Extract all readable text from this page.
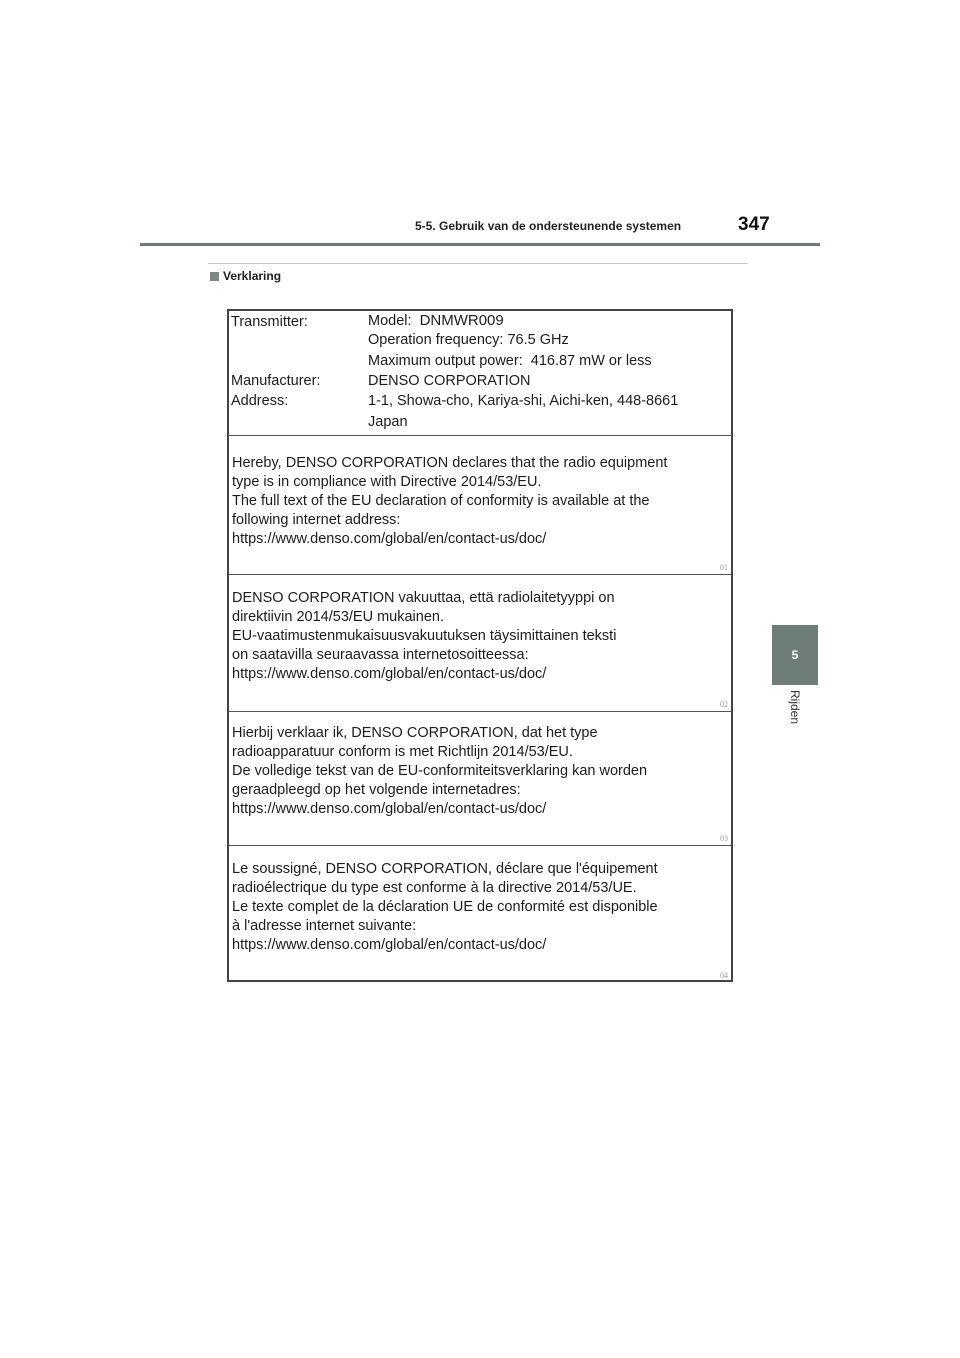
5-5. Gebruik van de ondersteunende systemen	347
Verklaring
5
Rijden
Transmitter:	Model: DNMWR009
Operation frequency: 76.5 GHz
Maximum output power: 416.87 mW or less
Manufacturer:	DENSO CORPORATION
Address:	1-1, Showa-cho, Kariya-shi, Aichi-ken, 448-8661
Japan
Hereby, DENSO CORPORATION declares that the radio equipment
type is in compliance with Directive 2014/53/EU.
The full text of the EU declaration of conformity is available at the
following internet address:
https://www.denso.com/global/en/contact-us/doc/
01
DENSO CORPORATION vakuuttaa, että radiolaitetyyppi on
direktiivin 2014/53/EU mukainen.
EU-vaatimustenmukaisuusvakuutuksen täysimittainen teksti
on saatavilla seuraavassa internetosoitteessa:
https://www.denso.com/global/en/contact-us/doc/
02
Hierbij verklaar ik, DENSO CORPORATION, dat het type
radioapparatuur conform is met Richtlijn 2014/53/EU.
De volledige tekst van de EU-conformiteitsverklaring kan worden
geraadpleegd op het volgende internetadres:
https://www.denso.com/global/en/contact-us/doc/
03
Le soussigné, DENSO CORPORATION, déclare que l'équipement
radioélectrique du type est conforme à la directive 2014/53/UE.
Le texte complet de la déclaration UE de conformité est disponible
à l'adresse internet suivante:
https://www.denso.com/global/en/contact-us/doc/
04
